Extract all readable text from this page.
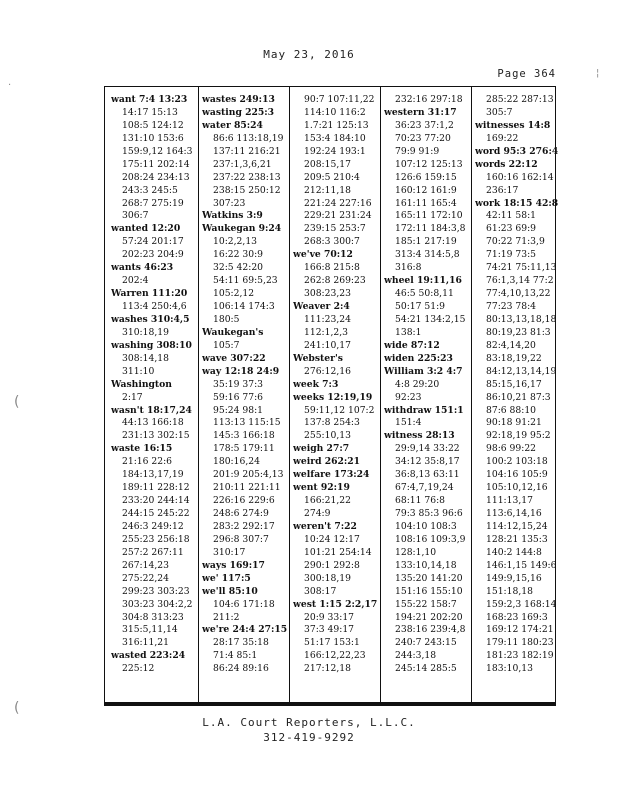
May 23, 2016
Page 364
want 7:4 13:23
14:17 15:13
108:5 124:12
131:10 153:6
159:9,12 164:3
175:11 202:14
208:24 234:13
243:3 245:5
268:7 275:19
306:7
wanted 12:20
57:24 201:17
202:23 204:9
wants 46:23
202:4
Warren 111:20
113:4 250:4,6
washes 310:4,5
310:18,19
washing 308:10
308:14,18
311:10
Washington
2:17
wasn't 18:17,24
44:13 166:18
231:13 302:15
waste 16:15
21:16 22:6
184:13,17,19
189:11 228:12
233:20 244:14
244:15 245:22
246:3 249:12
255:23 256:18
257:2 267:11
267:14,23
275:22,24
299:23 303:23
303:23 304:2,2
304:8 313:23
315:5,11,14
316:11,21
wasted 223:24
225:12
wastes 249:13
wasting 225:3
water 85:24
86:6 113:18,19
137:11 216:21
237:1,3,6,21
237:22 238:13
238:15 250:12
307:23
Watkins 3:9
Waukegan 9:24
10:2,2,13
16:22 30:9
32:5 42:20
54:11 69:5,23
105:2,12
106:14 174:3
180:5
Waukegan's
105:7
wave 307:22
way 12:18 24:9
35:19 37:3
59:16 77:6
95:24 98:1
113:13 115:15
145:3 166:18
178:5 179:11
180:16,24
201:9 205:4,13
210:11 221:11
226:16 229:6
248:6 274:9
283:2 292:17
296:8 307:7
310:17
ways 169:17
we' 117:5
we'll 85:10
104:6 171:18
211:2
we're 24:4 27:15
28:17 35:18
71:4 85:1
86:24 89:16
90:7 107:11,22
114:10 116:2
1.7:21 125:13
153:4 184:10
192:24 193:1
208:15,17
209:5 210:4
212:11,18
221:24 227:16
229:21 231:24
239:15 253:7
268:3 300:7
we've 70:12
166:8 215:8
262:8 269:23
308:23,23
Weaver 2:4
111:23,24
112:1,2,3
241:10,17
Webster's
276:12,16
week 7:3
weeks 12:19,19
59:11,12 107:2
137:8 254:3
255:10,13
weigh 27:7
weird 262:21
welfare 173:24
went 92:19
166:21,22
274:9
weren't 7:22
10:24 12:17
101:21 254:14
290:1 292:8
300:18,19
308:17
west 1:15 2:2,17
20:9 33:17
37:3 49:17
51:17 153:1
166:12,22,23
217:12,18
232:16 297:18
western 31:17
36:23 37:1,2
70:23 77:20
79:9 91:9
107:12 125:13
126:6 159:15
160:12 161:9
161:11 165:4
165:11 172:10
172:11 184:3,8
185:1 217:19
313:4 314:5,8
316:8
wheel 19:11,16
46:5 50:8,11
50:17 51:9
54:21 134:2,15
138:1
wide 87:12
widen 225:23
William 3:2 4:7
4:8 29:20
92:23
withdraw 151:1
151:4
witness 28:13
29:9,14 33:22
34:12 35:8,17
36:8,13 63:11
67:4,7,19,24
68:11 76:8
79:3 85:3 96:6
104:10 108:3
108:16 109:3,9
128:1,10
133:10,14,18
135:20 141:20
151:16 155:10
155:22 158:7
194:21 202:20
238:16 239:4,8
240:7 243:15
244:3,18
245:14 285:5
285:22 287:13
305:7
witnesses 14:8
169:22
word 95:3 276:4
words 22:12
160:16 162:14
236:17
work 18:15 42:8
42:11 58:1
61:23 69:9
70:22 71:3,9
71:19 73:5
74:21 75:11,13
76:1,3,14 77:2
77:4,10,13,22
77:23 78:4
80:13,13,18,18
80:19,23 81:3
82:4,14,20
83:18,19,22
84:12,13,14,19
85:15,16,17
86:10,21 87:3
87:6 88:10
90:18 91:21
92:18,19 95:2
98:6 99:22
100:2 103:18
104:16 105:9
105:10,12,16
111:13,17
113:6,14,16
114:12,15,24
128:21 135:3
140:2 144:8
146:1,15 149:6
149:9,15,16
151:18,18
159:2,3 168:14
168:23 169:3
169:12 174:21
179:11 180:23
181:23 182:19
183:10,13
L.A. Court Reporters, L.L.C.
312-419-9292
·
(
(
¦
